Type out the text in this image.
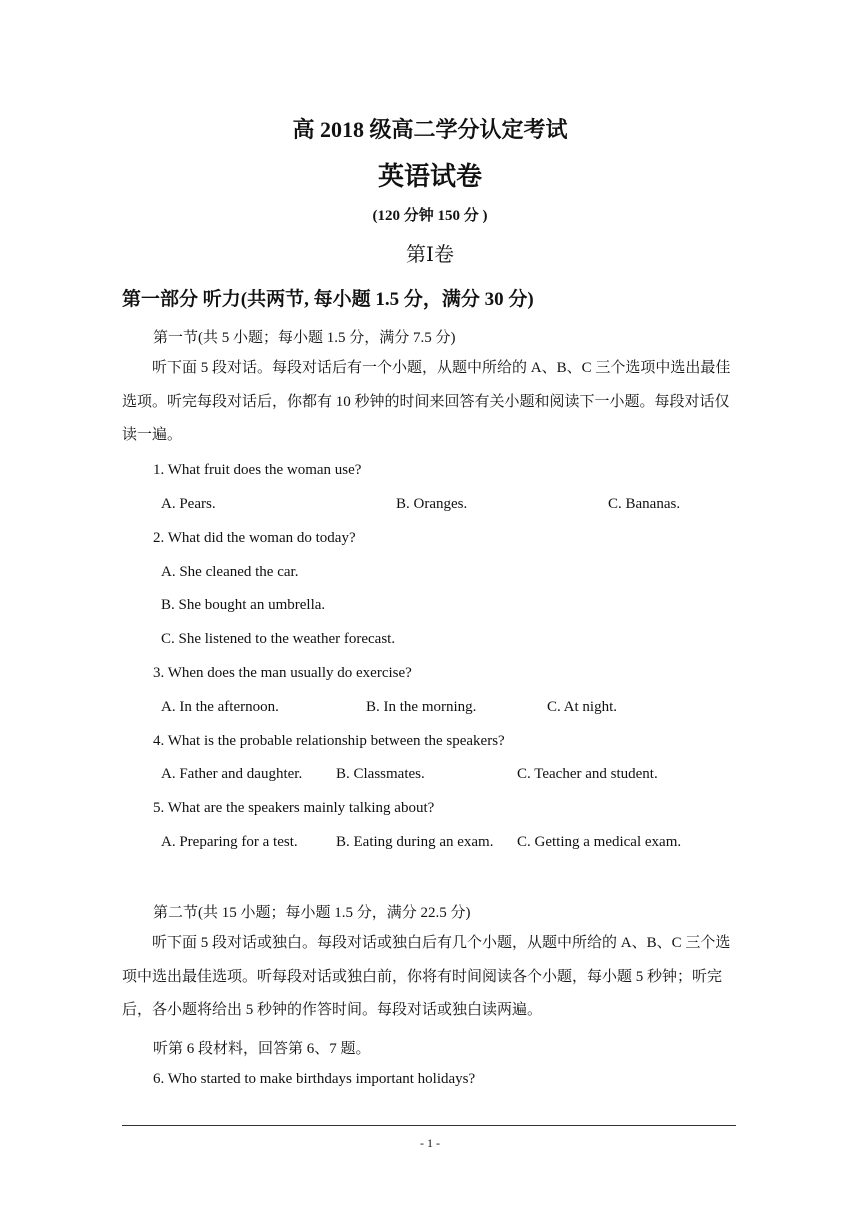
高 2018 级高二学分认定考试
英语试卷
(120 分钟 150 分 )
第Ⅰ卷
第一部分 听力(共两节, 每小题 1.5 分，满分 30 分)
第一节(共 5 小题；每小题 1.5 分，满分 7.5 分)
听下面 5 段对话。每段对话后有一个小题，从题中所给的 A、B、C 三个选项中选出最佳选项。听完每段对话后，你都有 10 秒钟的时间来回答有关小题和阅读下一小题。每段对话仅读一遍。
1. What fruit does the woman use?
A. Pears.	B. Oranges.	C. Bananas.
2. What did the woman do today?
A. She cleaned the car.
B. She bought an umbrella.
C. She listened to the weather forecast.
3. When does the man usually do exercise?
A. In the afternoon.	B. In the morning.	C. At night.
4. What is the probable relationship between the speakers?
A. Father and daughter. B. Classmates.	C. Teacher and student.
5. What are the speakers mainly talking about?
A. Preparing for a test.	B. Eating during an exam. C. Getting a medical exam.
第二节(共 15 小题；每小题 1.5 分，满分 22.5 分)
听下面 5 段对话或独白。每段对话或独白后有几个小题，从题中所给的 A、B、C 三个选项中选出最佳选项。听每段对话或独白前，你将有时间阅读各个小题，每小题 5 秒钟；听完后，各小题将给出 5 秒钟的作答时间。每段对话或独白读两遍。
听第 6 段材料，回答第 6、7 题。
6. Who started to make birthdays important holidays?
- 1 -
